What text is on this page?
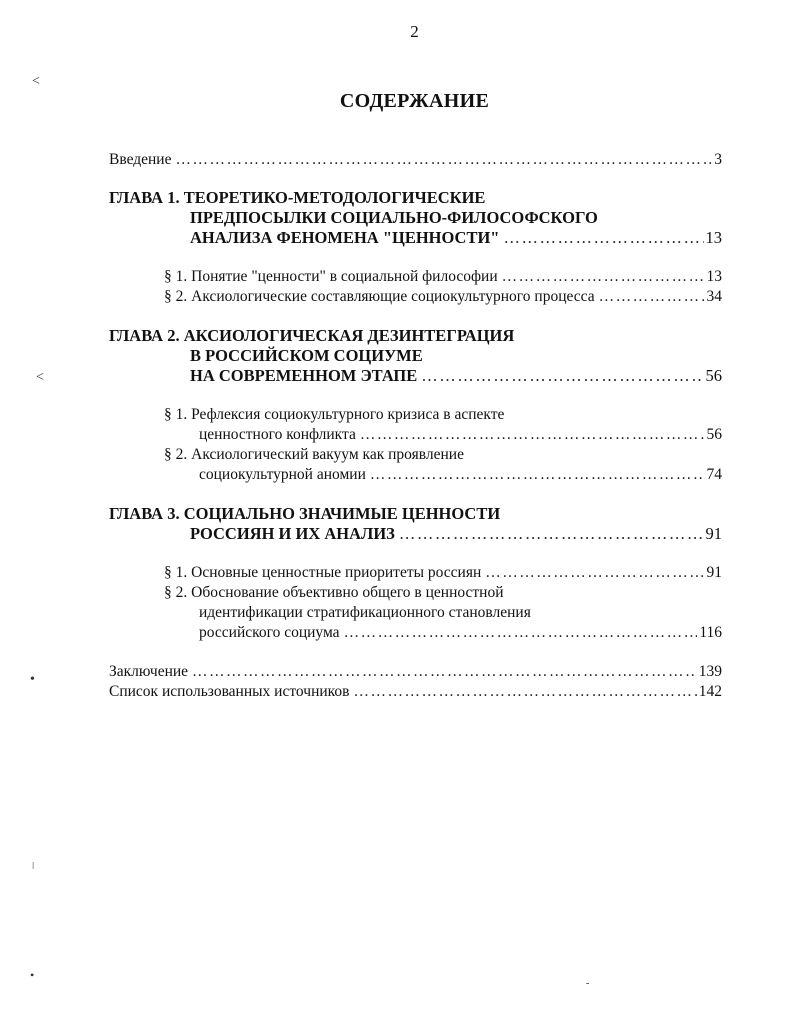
2
СОДЕРЖАНИЕ
Введение ……………………………………………………………………………………………………………………………………………………………………	3
ГЛАВА 1. ТЕОРЕТИКО-МЕТОДОЛОГИЧЕСКИЕ
ПРЕДПОСЫЛКИ СОЦИАЛЬНО-ФИЛОСОФСКОГО
АНАЛИЗА ФЕНОМЕНА "ЦЕННОСТИ" ……………………………………………………………………………………………………………………………………………………………………	13
§ 1. Понятие "ценности" в социальной философии ……………………………………………………………………………………………………………………………………………………………………	13
§ 2. Аксиологические составляющие социокультурного процесса ……………………………………………………………………………………………………………………………………………………………………	34
ГЛАВА 2. АКСИОЛОГИЧЕСКАЯ ДЕЗИНТЕГРАЦИЯ
В РОССИЙСКОМ СОЦИУМЕ
НА СОВРЕМЕННОМ ЭТАПЕ ……………………………………………………………………………………………………………………………………………………………………	56
§ 1. Рефлексия социокультурного кризиса в аспекте
ценностного конфликта ……………………………………………………………………………………………………………………………………………………………………	56
§ 2. Аксиологический вакуум как проявление
социокультурной аномии ……………………………………………………………………………………………………………………………………………………………………	74
ГЛАВА 3. СОЦИАЛЬНО ЗНАЧИМЫЕ ЦЕННОСТИ
РОССИЯН И ИХ АНАЛИЗ ……………………………………………………………………………………………………………………………………………………………………	91
§ 1. Основные ценностные приоритеты россиян ……………………………………………………………………………………………………………………………………………………………………	91
§ 2. Обоснование объективно общего в ценностной
идентификации стратификационного становления
российского социума ……………………………………………………………………………………………………………………………………………………………………	116
Заключение ……………………………………………………………………………………………………………………………………………………………………	139
Список использованных источников ……………………………………………………………………………………………………………………………………………………………………	142
˂
˂
•
ǀ
•
-
